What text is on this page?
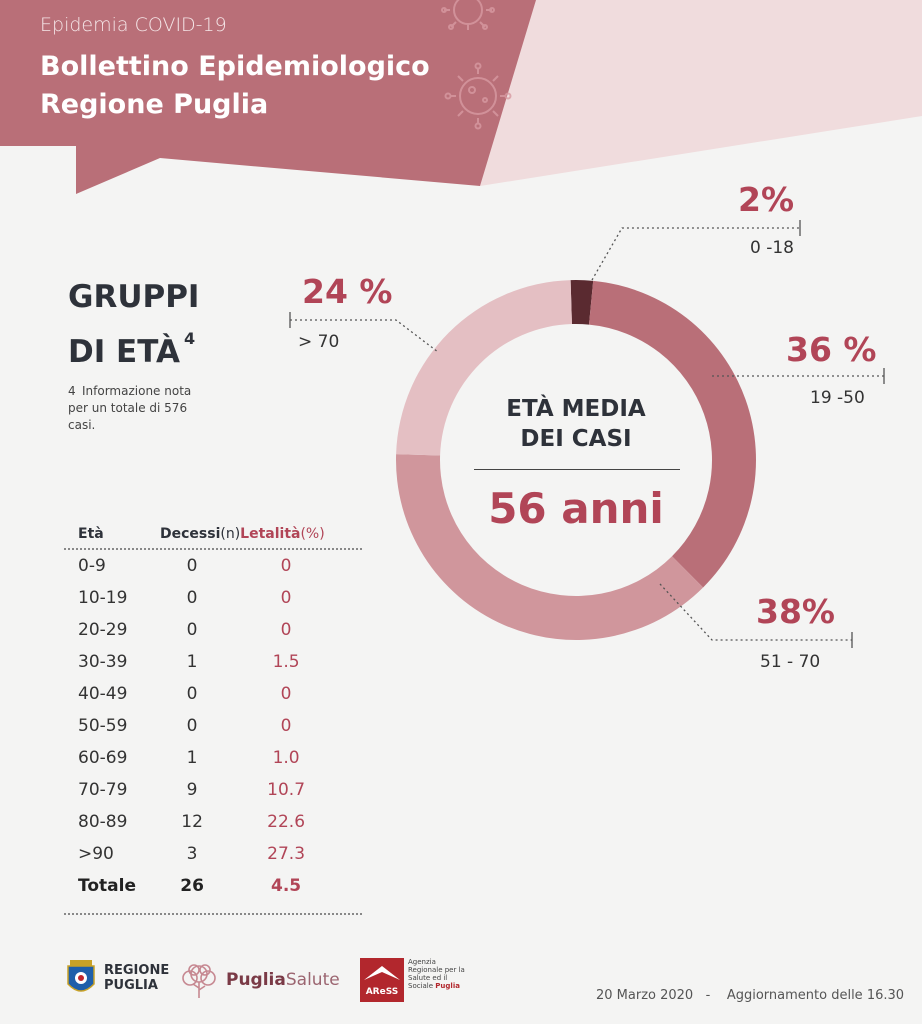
Epidemia COVID-19
Bollettino Epidemiologico
Regione Puglia
GRUPPI
DI ETÀ $^4$
4 Informazione nota per un totale di 576 casi.
Età	Decessi(n)	Letalità(%)
0-9	0	0
10-19	0	0
20-29	0	0
30-39	1	1.5
40-49	0	0
50-59	0	0
60-69	1	1.0
70-79	9	10.7
80-89	12	22.6
>90	3	27.3
Totale	26	4.5
2%
0 -18
36 %
19 -50
38%
51 - 70
24 %
> 70
ETÀ MEDIA
DEI CASI
56 anni
REGIONE
PUGLIA	PugliaSalute
AReSS
Agenzia Regionale per la Salute ed il Sociale Puglia
20 Marzo 2020 - Aggiornamento delle 16.30
